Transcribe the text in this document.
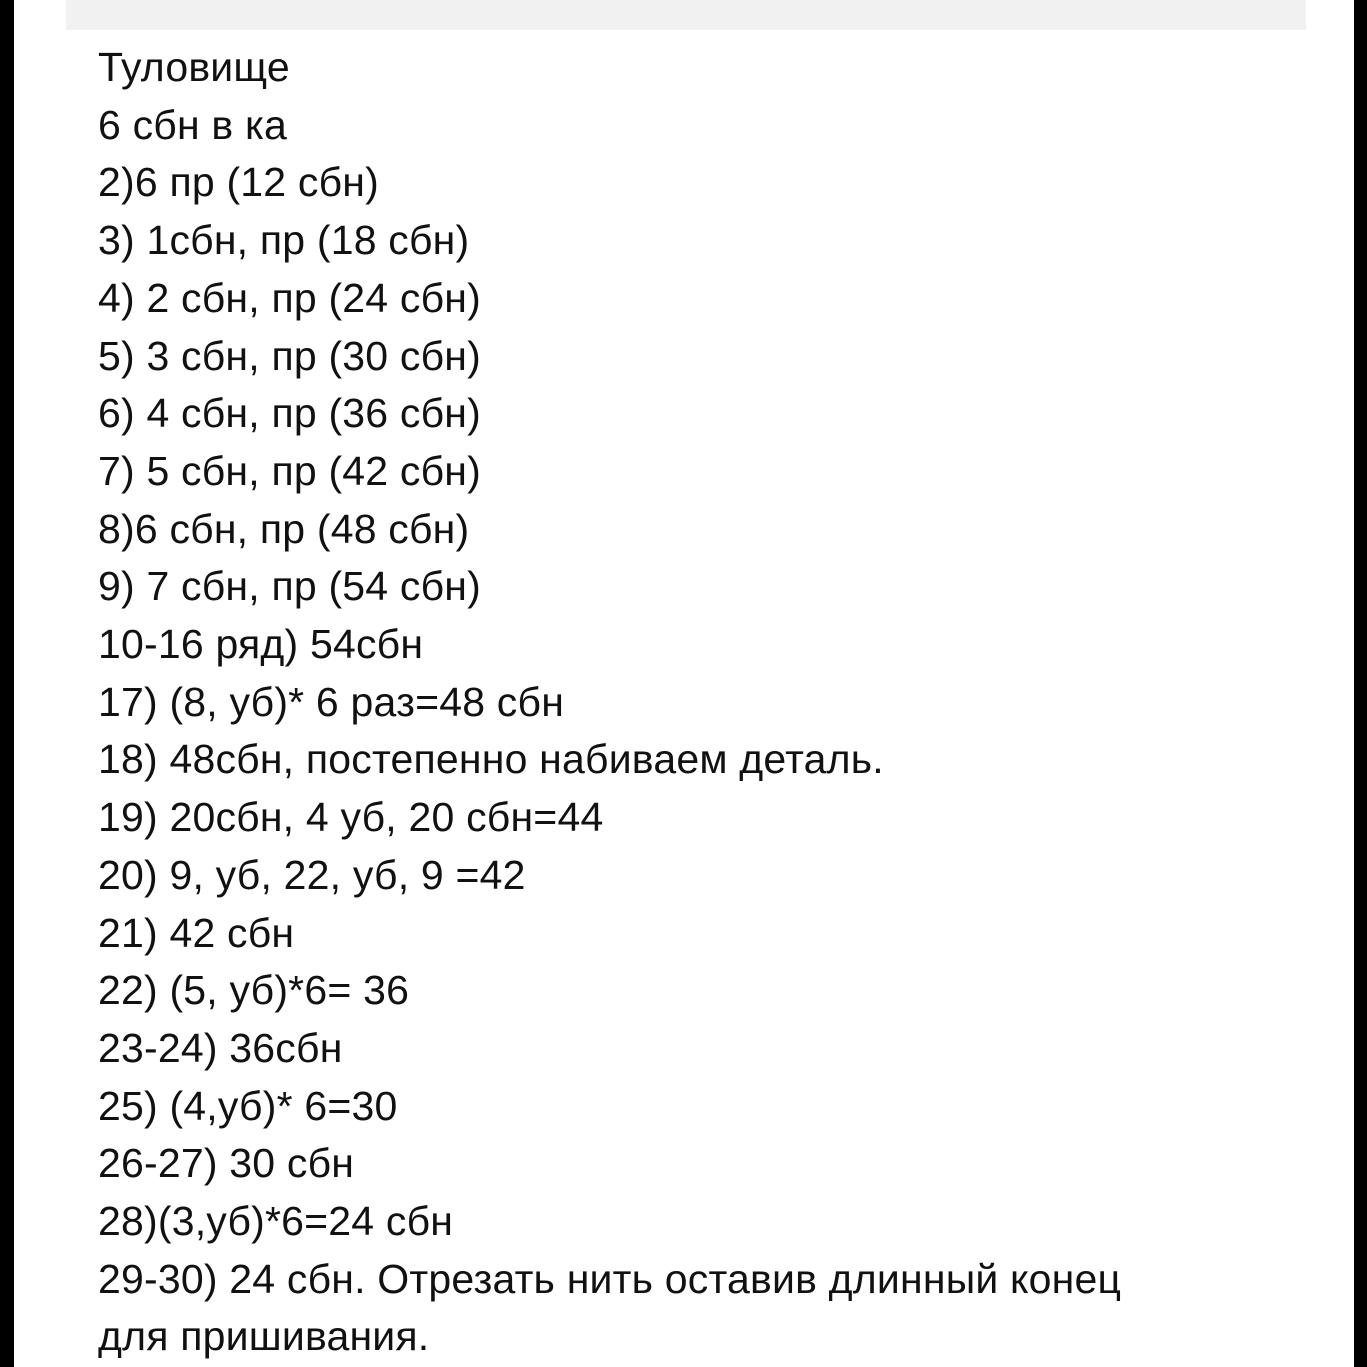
Туловище
6 сбн в ка
2)6 пр (12 сбн)
3) 1сбн, пр (18 сбн)
4) 2 сбн, пр (24 сбн)
5) 3 сбн, пр (30 сбн)
6) 4 сбн, пр (36 сбн)
7) 5 сбн, пр (42 сбн)
8)6 сбн, пр (48 сбн)
9) 7 сбн, пр (54 сбн)
10-16 ряд) 54сбн
17) (8, уб)* 6 раз=48 сбн
18) 48сбн, постепенно набиваем деталь.
19) 20сбн, 4 уб, 20 сбн=44
20) 9, уб, 22, уб, 9 =42
21) 42 сбн
22) (5, уб)*6= 36
23-24) 36сбн
25) (4,уб)* 6=30
26-27) 30 сбн
28)(3,уб)*6=24 сбн
29-30) 24 сбн. Отрезать нить оставив длинный конец
для пришивания.
